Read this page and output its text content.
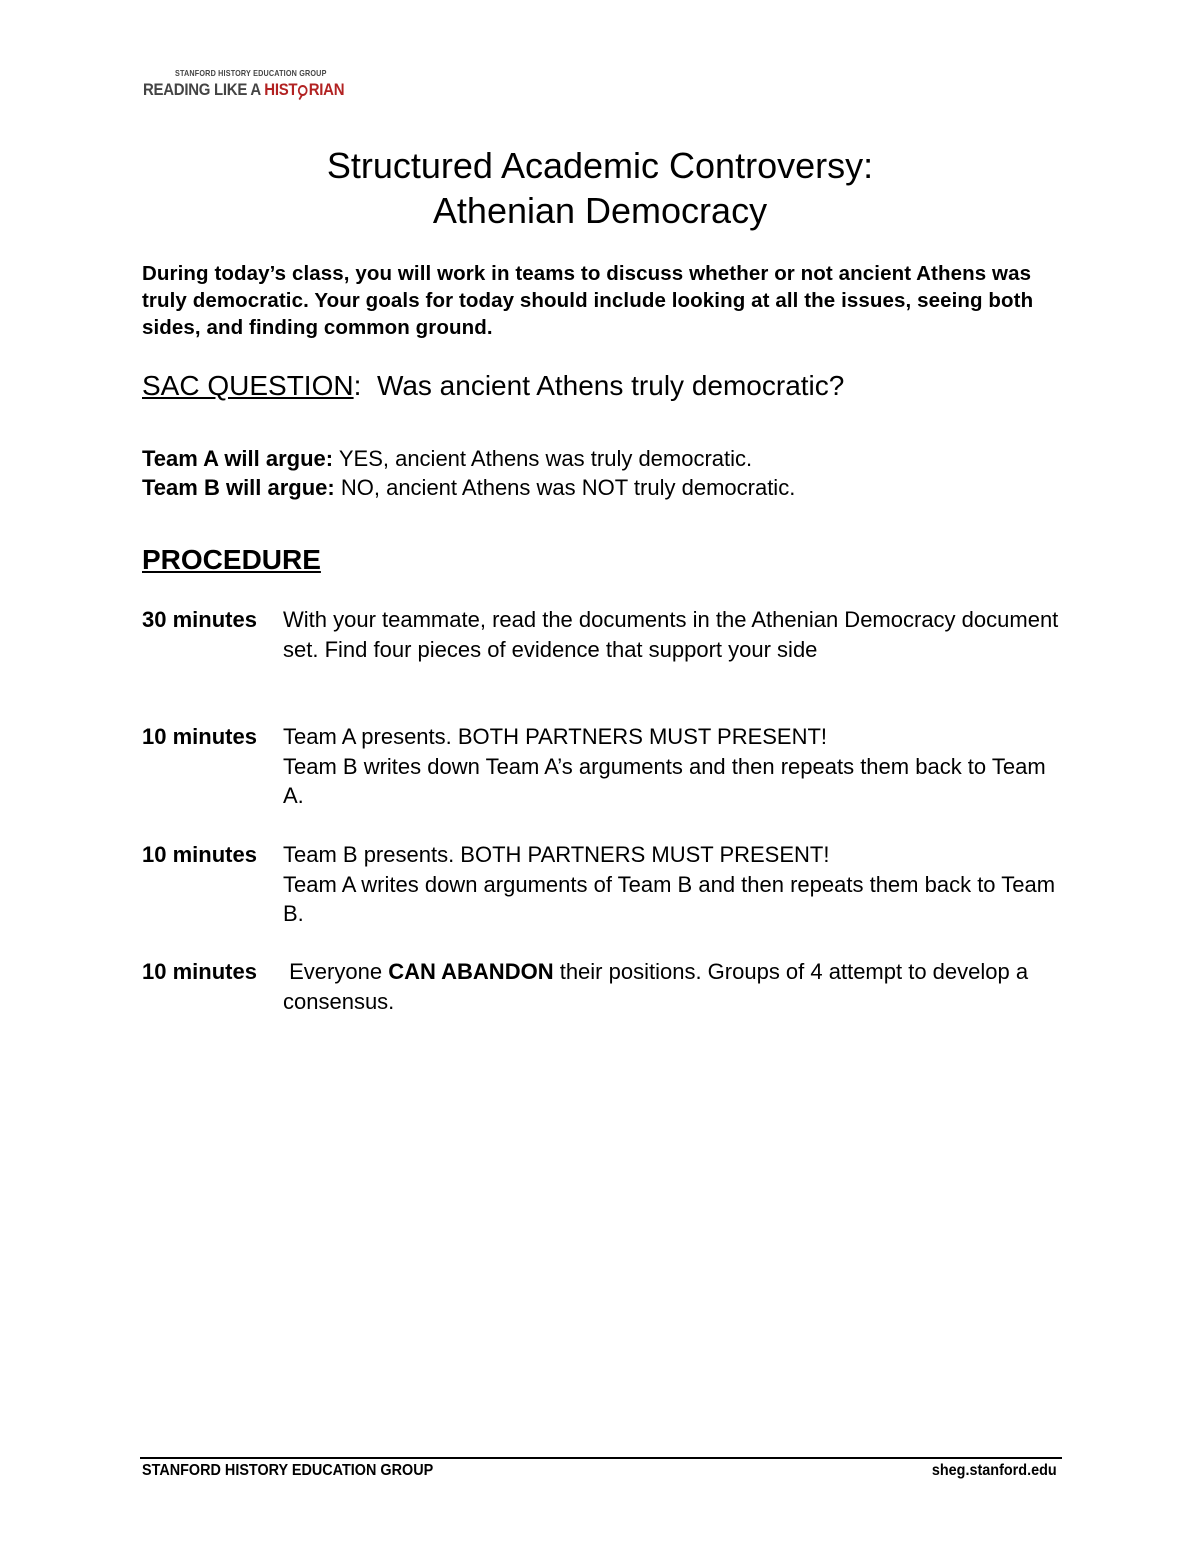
STANFORD HISTORY EDUCATION GROUP
READING LIKE A HIST RIAN
Structured Academic Controversy:
Athenian Democracy
During today’s class, you will work in teams to discuss whether or not ancient Athens was truly democratic. Your goals for today should include looking at all the issues, seeing both sides, and finding common ground.
SAC QUESTION: Was ancient Athens truly democratic?
Team A will argue: YES, ancient Athens was truly democratic.
Team B will argue: NO, ancient Athens was NOT truly democratic.
PROCEDURE
30 minutes With your teammate, read the documents in the Athenian Democracy document set. Find four pieces of evidence that support your side
10 minutes Team A presents. BOTH PARTNERS MUST PRESENT!

Team B writes down Team A’s arguments and then repeats them back to Team A.

10 minutes Team B presents. BOTH PARTNERS MUST PRESENT!

Team A writes down arguments of Team B and then repeats them back to Team B.

10 minutes Everyone CAN ABANDON their positions. Groups of 4 attempt to develop a consensus.
STANFORD HISTORY EDUCATION GROUP	sheg.stanford.edu
